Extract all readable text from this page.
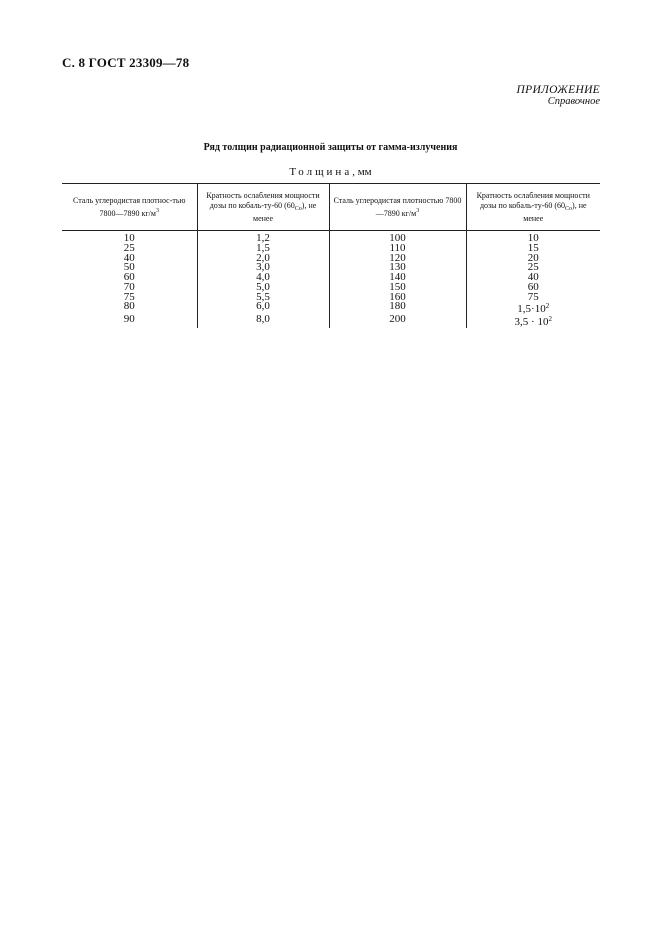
С. 8 ГОСТ 23309—78
ПРИЛОЖЕНИЕ
Справочное
Ряд толщин радиационной защиты от гамма-излучения
Толщина, мм
Сталь углеродистая плотнос-тью 7800—7890 $кг/м^3$	Кратность ослабления мощности дозы по кобаль-ту-60 $(60_{Co})$, не менее	Сталь углеродистая плотностью 7800—7890 $кг/м^3$	Кратность ослабления мощности дозы по кобаль-ту-60 $(60_{Co})$, не менее
10	1,2	100	10
25	1,5	110	15
40	2,0	120	20
50	3,0	130	25
60	4,0	140	40
70	5,0	150	60
75	5,5	160	75
80	6,0	180	$1,5\cdot 10^2$
90	8,0	200	$3,5 \cdot 10^2$
